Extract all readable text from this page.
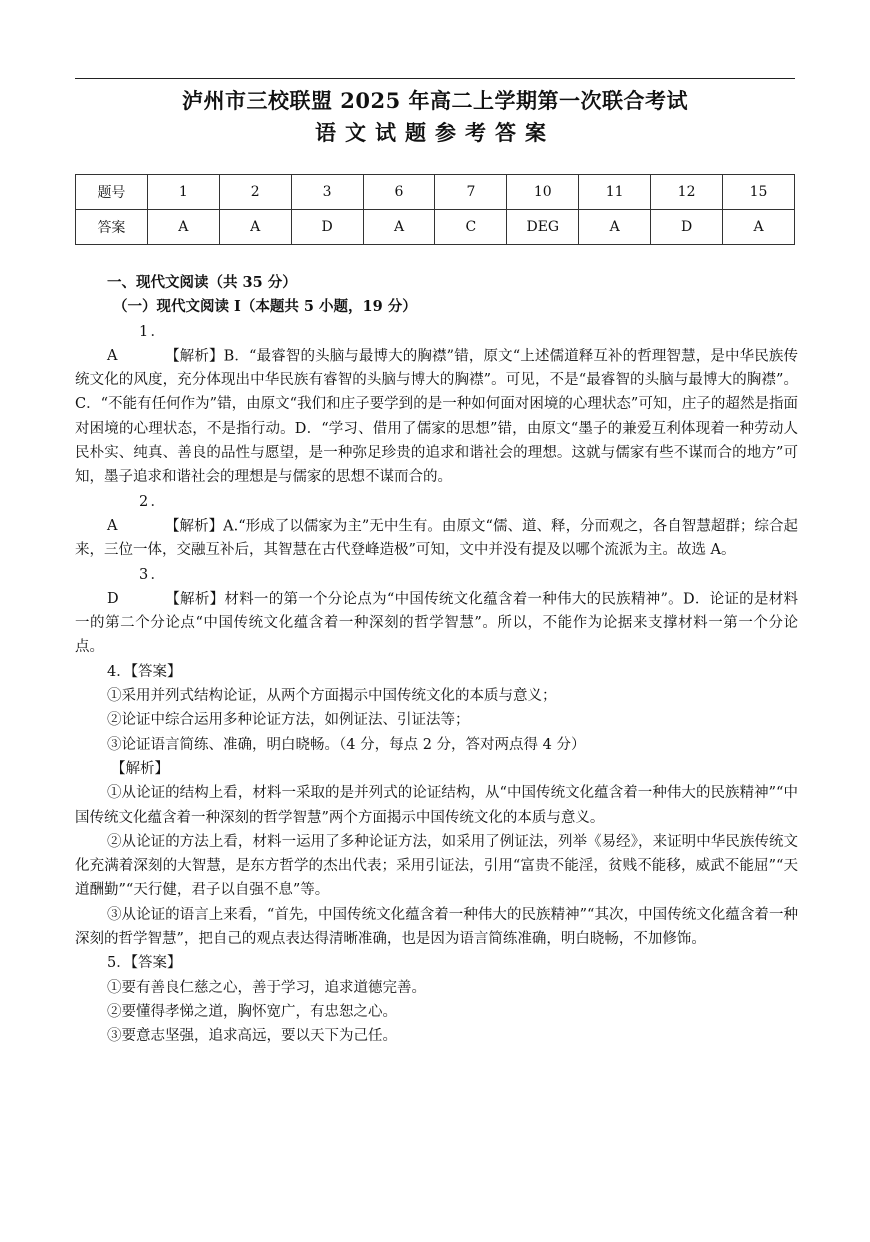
泸州市三校联盟 2025 年高二上学期第一次联合考试
语文试题参考答案
题号	1	2	3	6	7	10	11	12	15
答案	A	A	D	A	C	DEG	A	D	A

一、现代文阅读（共 35 分）

（一）现代文阅读 I（本题共 5 小题，19 分）

1．A	【解析】B．“最睿智的头脑与最博大的胸襟”错，原文“上述儒道释互补的哲理智慧，是中华民族传统文化的风度，充分体现出中华民族有睿智的头脑与博大的胸襟”。可见，不是“最睿智的头脑与最博大的胸襟”。C．“不能有任何作为”错，由原文“我们和庄子要学到的是一种如何面对困境的心理状态”可知，庄子的超然是指面对困境的心理状态，不是指行动。D．“学习、借用了儒家的思想”错，由原文“墨子的兼爱互利体现着一种劳动人民朴实、纯真、善良的品性与愿望，是一种弥足珍贵的追求和谐社会的理想。这就与儒家有些不谋而合的地方”可知，墨子追求和谐社会的理想是与儒家的思想不谋而合的。

2．A	【解析】A.“形成了以儒家为主”无中生有。由原文“儒、道、释，分而观之，各自智慧超群；综合起来，三位一体，交融互补后，其智慧在古代登峰造极”可知，文中并没有提及以哪个流派为主。故选 A。

3．D	【解析】材料一的第一个分论点为“中国传统文化蕴含着一种伟大的民族精神”。D．论证的是材料一的第二个分论点“中国传统文化蕴含着一种深刻的哲学智慧”。所以，不能作为论据来支撑材料一第一个分论点。

4．【答案】

①采用并列式结构论证，从两个方面揭示中国传统文化的本质与意义；

②论证中综合运用多种论证方法，如例证法、引证法等；

③论证语言简练、准确，明白晓畅。（4 分，每点 2 分，答对两点得 4 分）

【解析】

①从论证的结构上看，材料一采取的是并列式的论证结构，从“中国传统文化蕴含着一种伟大的民族精神”“中国传统文化蕴含着一种深刻的哲学智慧”两个方面揭示中国传统文化的本质与意义。

②从论证的方法上看，材料一运用了多种论证方法，如采用了例证法，列举《易经》，来证明中华民族传统文化充满着深刻的大智慧，是东方哲学的杰出代表；采用引证法，引用“富贵不能淫，贫贱不能移，威武不能屈”“天道酬勤”“天行健，君子以自强不息”等。

③从论证的语言上来看，“首先，中国传统文化蕴含着一种伟大的民族精神”“其次，中国传统文化蕴含着一种深刻的哲学智慧”，把自己的观点表达得清晰准确，也是因为语言简练准确，明白晓畅，不加修饰。

5．【答案】

①要有善良仁慈之心，善于学习，追求道德完善。

②要懂得孝悌之道，胸怀宽广，有忠恕之心。

③要意志坚强，追求高远，要以天下为己任。
